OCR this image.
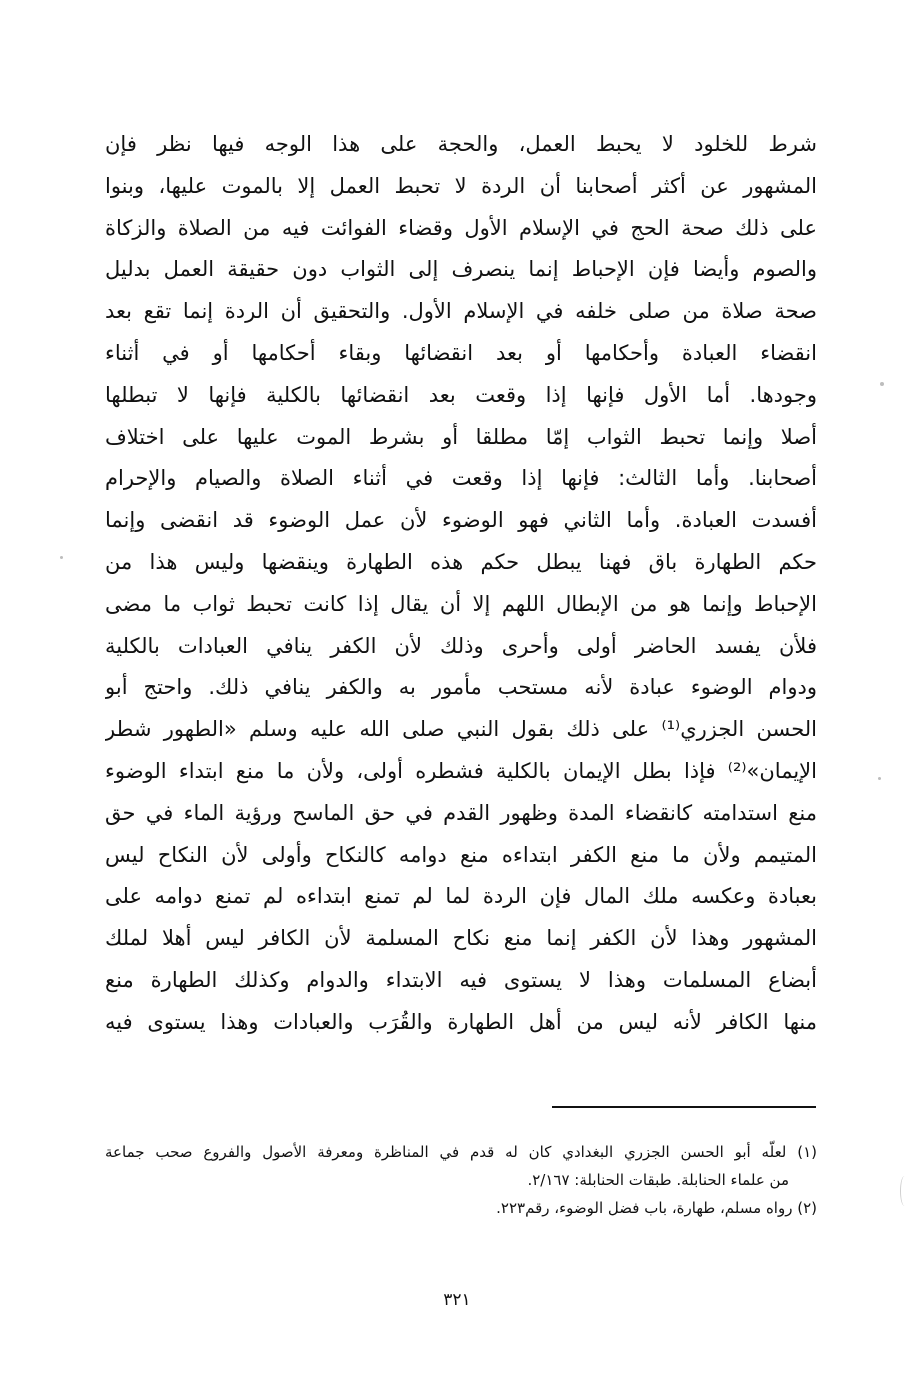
شرط للخلود لا يحبط العمل، والحجة على هذا الوجه فيها نظر فإن
المشهور عن أكثر أصحابنا أن الردة لا تحبط العمل إلا بالموت عليها، وبنوا
على ذلك صحة الحج في الإسلام الأول وقضاء الفوائت فيه من الصلاة والزكاة
والصوم وأيضا فإن الإحباط إنما ينصرف إلى الثواب دون حقيقة العمل بدليل
صحة صلاة من صلى خلفه في الإسلام الأول. والتحقيق أن الردة إنما تقع بعد
انقضاء العبادة وأحكامها أو بعد انقضائها وبقاء أحكامها أو في أثناء
وجودها. أما الأول فإنها إذا وقعت بعد انقضائها بالكلية فإنها لا تبطلها
أصلا وإنما تحبط الثواب إمّا مطلقا أو بشرط الموت عليها على اختلاف
أصحابنا. وأما الثالث: فإنها إذا وقعت في أثناء الصلاة والصيام والإحرام
أفسدت العبادة. وأما الثاني فهو الوضوء لأن عمل الوضوء قد انقضى وإنما
حكم الطهارة باق فهنا يبطل حكم هذه الطهارة وينقضها وليس هذا من
الإحباط وإنما هو من الإبطال اللهم إلا أن يقال إذا كانت تحبط ثواب ما مضى
فلأن يفسد الحاضر أولى وأحرى وذلك لأن الكفر ينافي العبادات بالكلية
ودوام الوضوء عبادة لأنه مستحب مأمور به والكفر ينافي ذلك. واحتج أبو
الحسن الجزري⁽¹⁾ على ذلك بقول النبي صلى الله عليه وسلم «الطهور شطر
الإيمان»⁽²⁾ فإذا بطل الإيمان بالكلية فشطره أولى، ولأن ما منع ابتداء الوضوء
منع استدامته كانقضاء المدة وظهور القدم في حق الماسح ورؤية الماء في حق
المتيمم ولأن ما منع الكفر ابتداءه منع دوامه كالنكاح وأولى لأن النكاح ليس
بعبادة وعكسه ملك المال فإن الردة لما لم تمنع ابتداءه لم تمنع دوامه على
المشهور وهذا لأن الكفر إنما منع نكاح المسلمة لأن الكافر ليس أهلا لملك
أبضاع المسلمات وهذا لا يستوى فيه الابتداء والدوام وكذلك الطهارة منع
منها الكافر لأنه ليس من أهل الطهارة والقُرَب والعبادات وهذا يستوى فيه
(١) لعلّه أبو الحسن الجزري البغدادي كان له قدم في المناظرة ومعرفة الأصول والفروع صحب جماعة
من علماء الحنابلة. طبقات الحنابلة: ٢/١٦٧.
(٢) رواه مسلم، طهارة، باب فضل الوضوء، رقم٢٢٣.
٣٢١
